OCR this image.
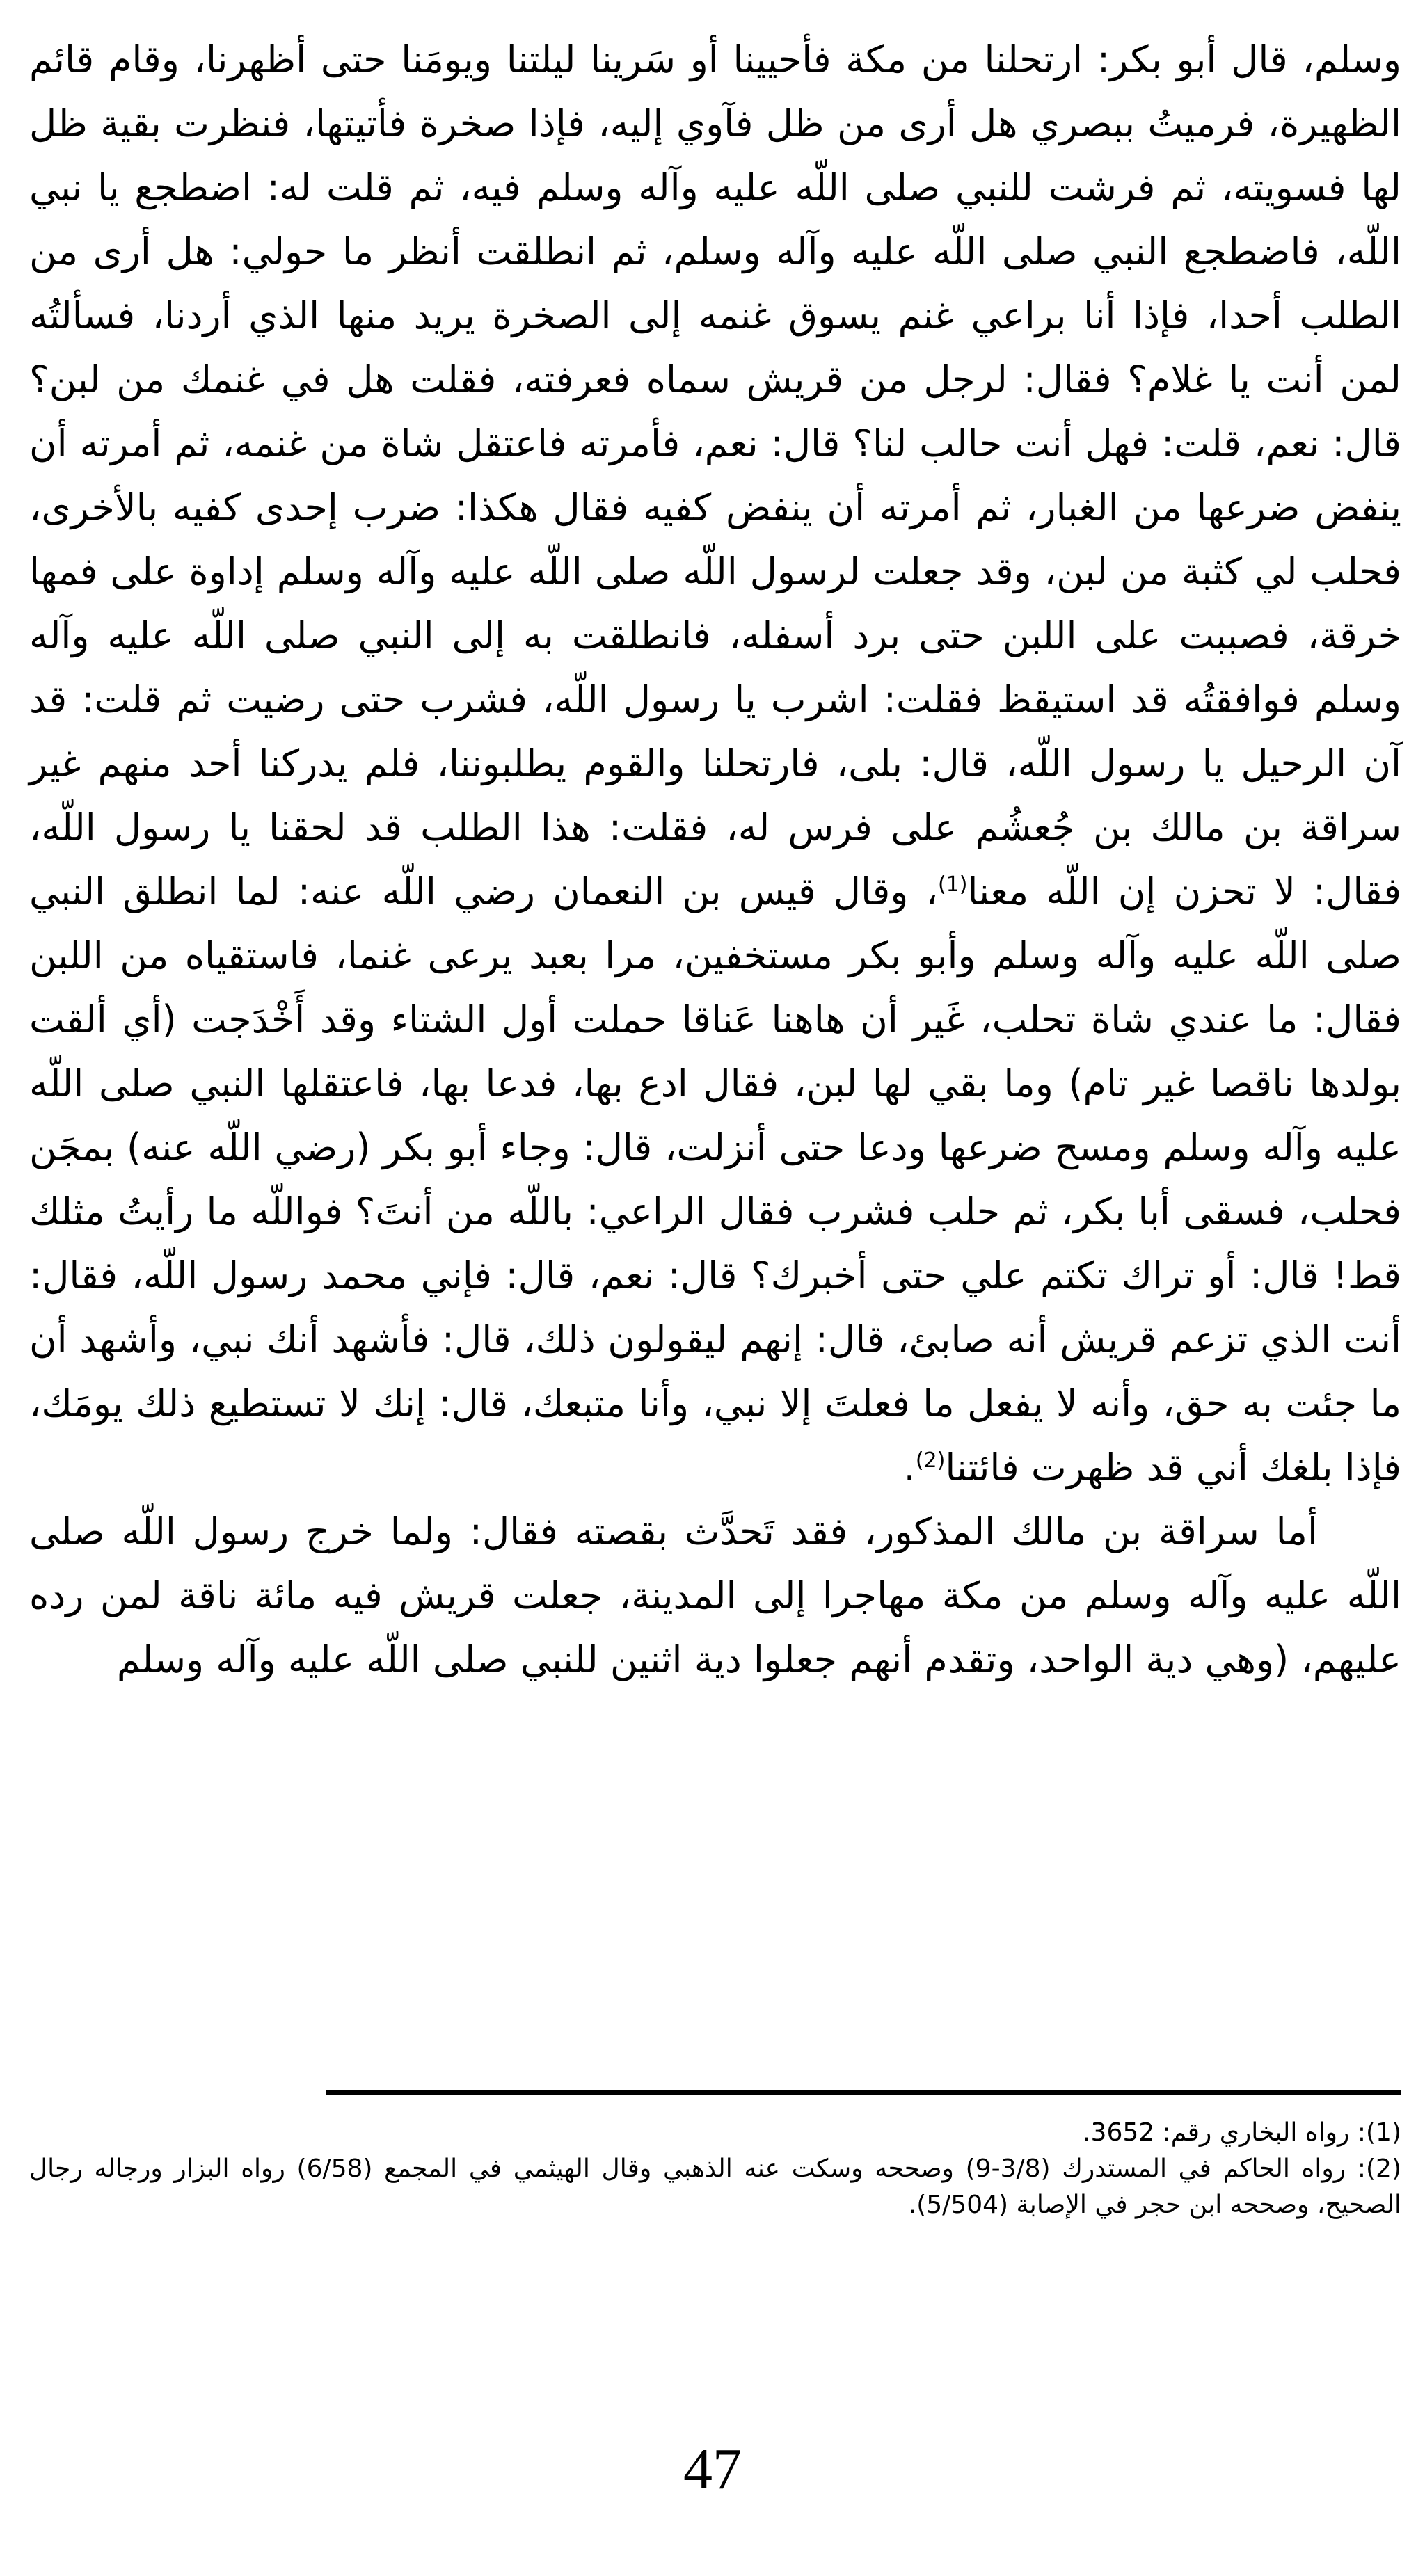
وسلم، قال أبو بكر: ارتحلنا من مكة فأحيينا أو سَرينا ليلتنا ويومَنا حتى أظهرنا، وقام قائم الظهيرة، فرميتُ ببصري هل أرى من ظل فآوي إليه، فإذا صخرة فأتيتها، فنظرت بقية ظل لها فسويته، ثم فرشت للنبي صلى اللّه عليه وآله وسلم فيه، ثم قلت له: اضطجع يا نبي اللّه، فاضطجع النبي صلى اللّه عليه وآله وسلم، ثم انطلقت أنظر ما حولي: هل أرى من الطلب أحدا، فإذا أنا براعي غنم يسوق غنمه إلى الصخرة يريد منها الذي أردنا، فسألتُه لمن أنت يا غلام؟ فقال: لرجل من قريش سماه فعرفته، فقلت هل في غنمك من لبن؟ قال: نعم، قلت: فهل أنت حالب لنا؟ قال: نعم، فأمرته فاعتقل شاة من غنمه، ثم أمرته أن ينفض ضرعها من الغبار، ثم أمرته أن ينفض كفيه فقال هكذا: ضرب إحدى كفيه بالأخرى، فحلب لي كثبة من لبن، وقد جعلت لرسول اللّه صلى اللّه عليه وآله وسلم إداوة على فمها خرقة، فصببت على اللبن حتى برد أسفله، فانطلقت به إلى النبي صلى اللّه عليه وآله وسلم فوافقتُه قد استيقظ فقلت: اشرب يا رسول اللّه، فشرب حتى رضيت ثم قلت: قد آن الرحيل يا رسول اللّه، قال: بلى، فارتحلنا والقوم يطلبوننا، فلم يدركنا أحد منهم غير سراقة بن مالك بن جُعشُم على فرس له، فقلت: هذا الطلب قد لحقنا يا رسول اللّه، فقال: لا تحزن إن اللّه معنا$^{(1)}$، وقال قيس بن النعمان رضي اللّه عنه: لما انطلق النبي صلى اللّه عليه وآله وسلم وأبو بكر مستخفين، مرا بعبد يرعى غنما، فاستقياه من اللبن فقال: ما عندي شاة تحلب، غَير أن هاهنا عَناقا حملت أول الشتاء وقد أَخْدَجت (أي ألقت بولدها ناقصا غير تام) وما بقي لها لبن، فقال ادع بها، فدعا بها، فاعتقلها النبي صلى اللّه عليه وآله وسلم ومسح ضرعها ودعا حتى أنزلت، قال: وجاء أبو بكر (رضي اللّه عنه) بمجَن فحلب، فسقى أبا بكر، ثم حلب فشرب فقال الراعي: باللّه من أنتَ؟ فواللّه ما رأيتُ مثلك قط! قال: أو تراك تكتم علي حتى أخبرك؟ قال: نعم، قال: فإني محمد رسول اللّه، فقال: أنت الذي تزعم قريش أنه صابئ، قال: إنهم ليقولون ذلك، قال: فأشهد أنك نبي، وأشهد أن ما جئت به حق، وأنه لا يفعل ما فعلتَ إلا نبي، وأنا متبعك، قال: إنك لا تستطيع ذلك يومَك، فإذا بلغك أني قد ظهرت فائتنا$^{(2)}$.

أما سراقة بن مالك المذكور، فقد تَحدَّث بقصته فقال: ولما خرج رسول اللّه صلى اللّه عليه وآله وسلم من مكة مهاجرا إلى المدينة، جعلت قريش فيه مائة ناقة لمن رده عليهم، (وهي دية الواحد، وتقدم أنهم جعلوا دية اثنين للنبي صلى اللّه عليه وآله وسلم

(1): رواه البخاري رقم: 3652.

(2): رواه الحاكم في المستدرك (3/8-9) وصححه وسكت عنه الذهبي وقال الهيثمي في المجمع (6/58) رواه البزار ورجاله رجال الصحيح، وصححه ابن حجر في الإصابة (5/504).

47
